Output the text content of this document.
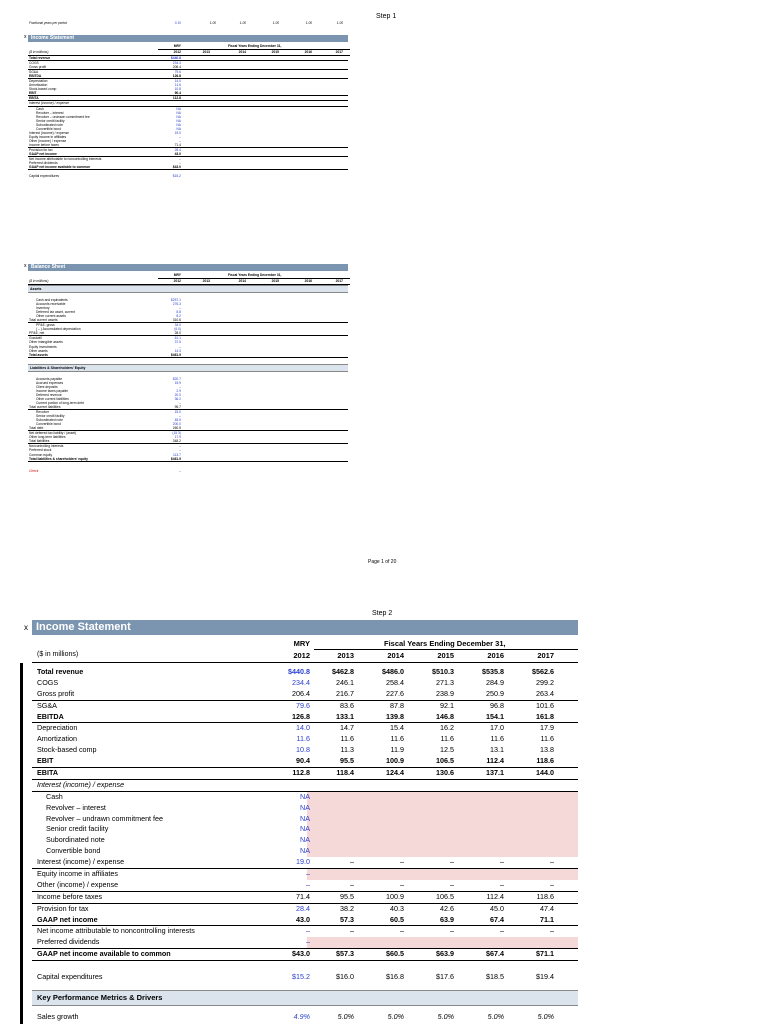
Step 1
Fractional years per period	0.10	1.00	1.00	1.00	1.00	1.00
x Income Statement
MRY	Fiscal Years Ending December 31,
($ in millions)	2012	2013	2014	2015	2016	2017
Total revenue	$440.8
COGS	234.4
Gross profit	206.4
SG&A	79.6
EBITDA	126.8
Depreciation	14.0
Amortization	11.6
Stock-based comp	10.8
EBIT	90.4
EBITA	112.8
Interest (income) / expense
Cash	NA
Revolver – interest	NA
Revolver – undrawn commitment fee	NA
Senior credit facility	NA
Subordinated note	NA
Convertible bond	NA
Interest (income) / expense	19.0
Equity income in affiliates	–
Other (income) / expense	–
Income before taxes	71.4
Provision for tax	28.4
GAAP net income	43.0
Net income attributable to noncontrolling interests	–
Preferred dividends	–
GAAP net income available to common	$43.0
Capital expenditures	$15.2
x Balance Sheet
MRY	Fiscal Years Ending December 31,
($ in millions)	2012	2013	2014	2015	2016	2017
Assets
Cash and equivalents	$257.1
Accounts receivable	276.3
Inventory	–
Deferred tax asset, current	8.8
Other current assets	8.2
Total current assets	310.6
PP&E, gross	34.0
( – ) Accumulated depreciation	(6.0)
PP&E, net	28.0
Goodwill	61.1
Other intangible assets	37.5
Equity investments	–
Other assets	14.3
Total assets	$461.9
Liabilities & Shareholders' Equity
Accounts payable	$20.7
Accrued expenses	15.9
Client deposits	–
Income taxes payable	2.9
Deferred revenue	20.0
Other current liabilities	36.2
Current portion of long-term debt	–
Total current liabilities	95.7
Revolver	15.0
Senior credit facility	–
Subordinated note	45.5
Convertible bond	200.0
Total debt	260.5
Net deferred tax liability / (asset)	(15.3)
Other long-term liabilities	17.9
Total liabilities	348.2
Noncontrolling interests	–
Preferred stock	–
Common equity	113.7
Total liabilities & shareholders' equity	$461.9
Check	–
Page 1 of 20
Step 2
x Income Statement
MRY	Fiscal Years Ending December 31,
($ in millions)	2012	2013	2014	2015	2016	2017
Total revenue	$440.8	$462.8	$486.0	$510.3	$535.8	$562.6
COGS	234.4	246.1	258.4	271.3	284.9	299.2
Gross profit	206.4	216.7	227.6	238.9	250.9	263.4
SG&A	79.6	83.6	87.8	92.1	96.8	101.6
EBITDA	126.8	133.1	139.8	146.8	154.1	161.8
Depreciation	14.0	14.7	15.4	16.2	17.0	17.9
Amortization	11.6	11.6	11.6	11.6	11.6	11.6
Stock-based comp	10.8	11.3	11.9	12.5	13.1	13.8
EBIT	90.4	95.5	100.9	106.5	112.4	118.6
EBITA	112.8	118.4	124.4	130.6	137.1	144.0
Interest (income) / expense
Cash	NA
Revolver – interest	NA
Revolver – undrawn commitment fee	NA
Senior credit facility	NA
Subordinated note	NA
Convertible bond	NA
Interest (income) / expense	19.0	–	–	–	–	–
Equity income in affiliates	–
Other (income) / expense	–	–	–	–	–	–
Income before taxes	71.4	95.5	100.9	106.5	112.4	118.6
Provision for tax	28.4	38.2	40.3	42.6	45.0	47.4
GAAP net income	43.0	57.3	60.5	63.9	67.4	71.1
Net income attributable to noncontrolling interests	–	–	–	–	–	–
Preferred dividends	–
GAAP net income available to common	$43.0	$57.3	$60.5	$63.9	$67.4	$71.1
Capital expenditures	$15.2	$16.0	$16.8	$17.6	$18.5	$19.4
Key Performance Metrics & Drivers
Sales growth	4.9%	5.0%	5.0%	5.0%	5.0%	5.0%
